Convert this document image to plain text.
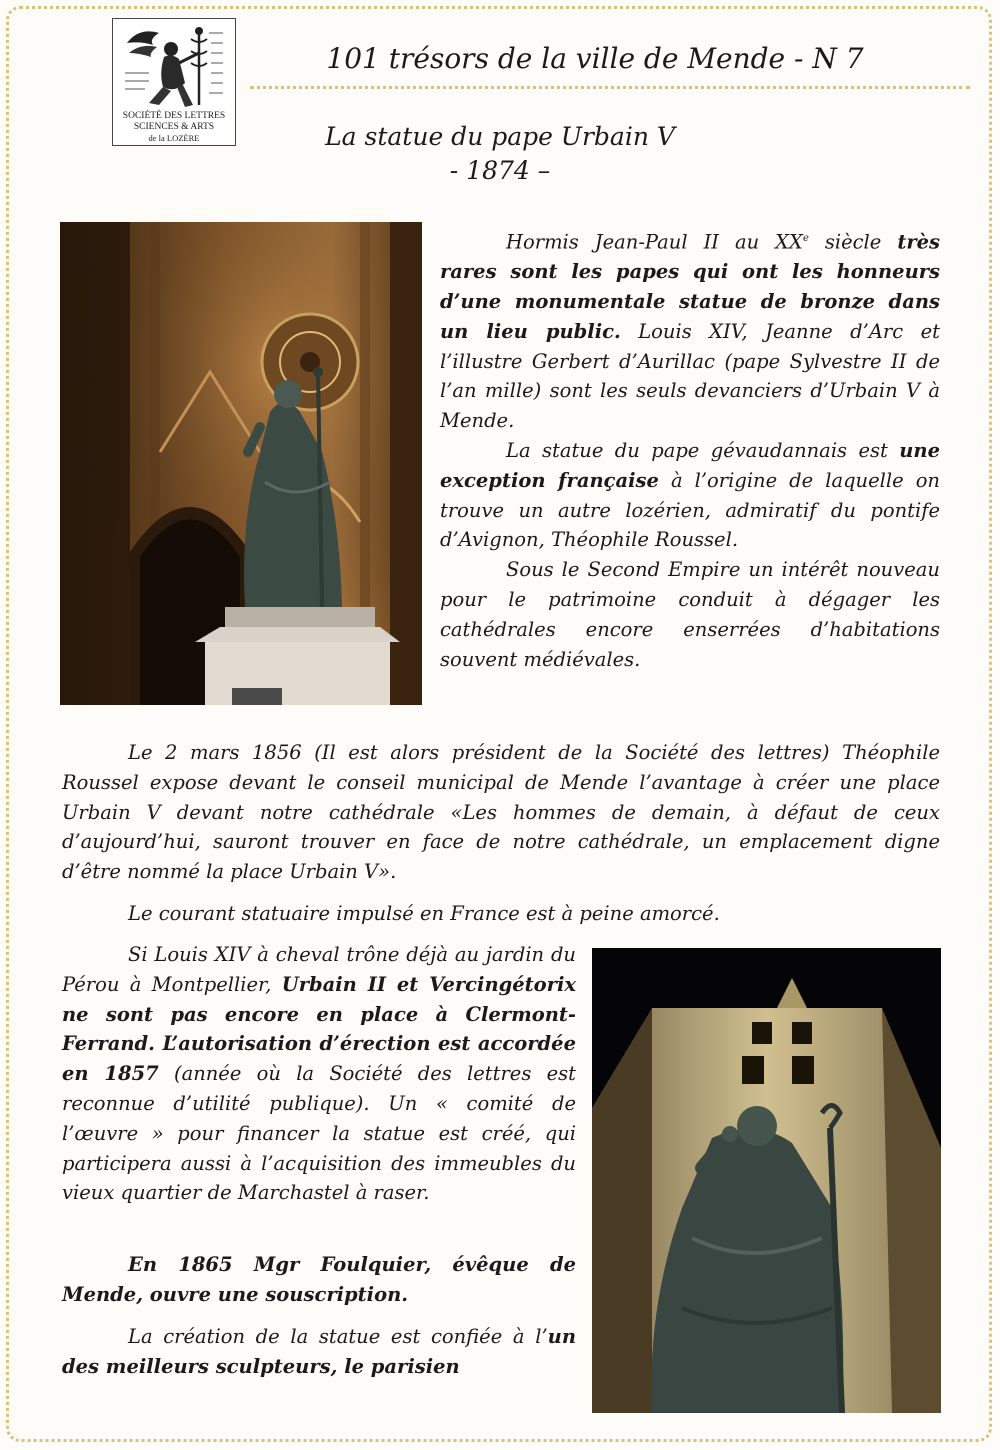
SOCIÉTÉ DES LETTRES
SCIENCES & ARTS
de la LOZÈRE
101 trésors de la ville de Mende - N 7
La statue du pape Urbain V
- 1874 –

Hormis Jean-Paul II au XXe siècle très rares sont les papes qui ont les honneurs d’une monumentale statue de bronze dans un lieu public. Louis XIV, Jeanne d’Arc et l’illustre Gerbert d’Aurillac (pape Sylvestre II de l’an mille) sont les seuls devanciers d’Urbain V à Mende.

La statue du pape gévaudannais est une exception française à l’origine de laquelle on trouve un autre lozérien, admiratif du pontife d’Avignon, Théophile Roussel.

Sous le Second Empire un intérêt nouveau pour le patrimoine conduit à dégager les cathédrales encore enserrées d’habitations souvent médiévales.

Le 2 mars 1856 (Il est alors président de la Société des lettres) Théophile Roussel expose devant le conseil municipal de Mende l’avantage à créer une place Urbain V devant notre cathédrale «Les hommes de demain, à défaut de ceux d’aujourd’hui, sauront trouver en face de notre cathédrale, un emplacement digne d’être nommé la place Urbain V».

Le courant statuaire impulsé en France est à peine amorcé.

Si Louis XIV à cheval trône déjà au jardin du Pérou à Montpellier, Urbain II et Vercingétorix ne sont pas encore en place à Clermont-Ferrand. L’autorisation d’érection est accordée en 1857 (année où la Société des lettres est reconnue d’utilité publique). Un « comité de l’œuvre » pour financer la statue est créé, qui participera aussi à l’acquisition des immeubles du vieux quartier de Marchastel à raser.

En 1865 Mgr Foulquier, évêque de Mende, ouvre une souscription.

La création de la statue est confiée à l’un des meilleurs sculpteurs, le parisien
